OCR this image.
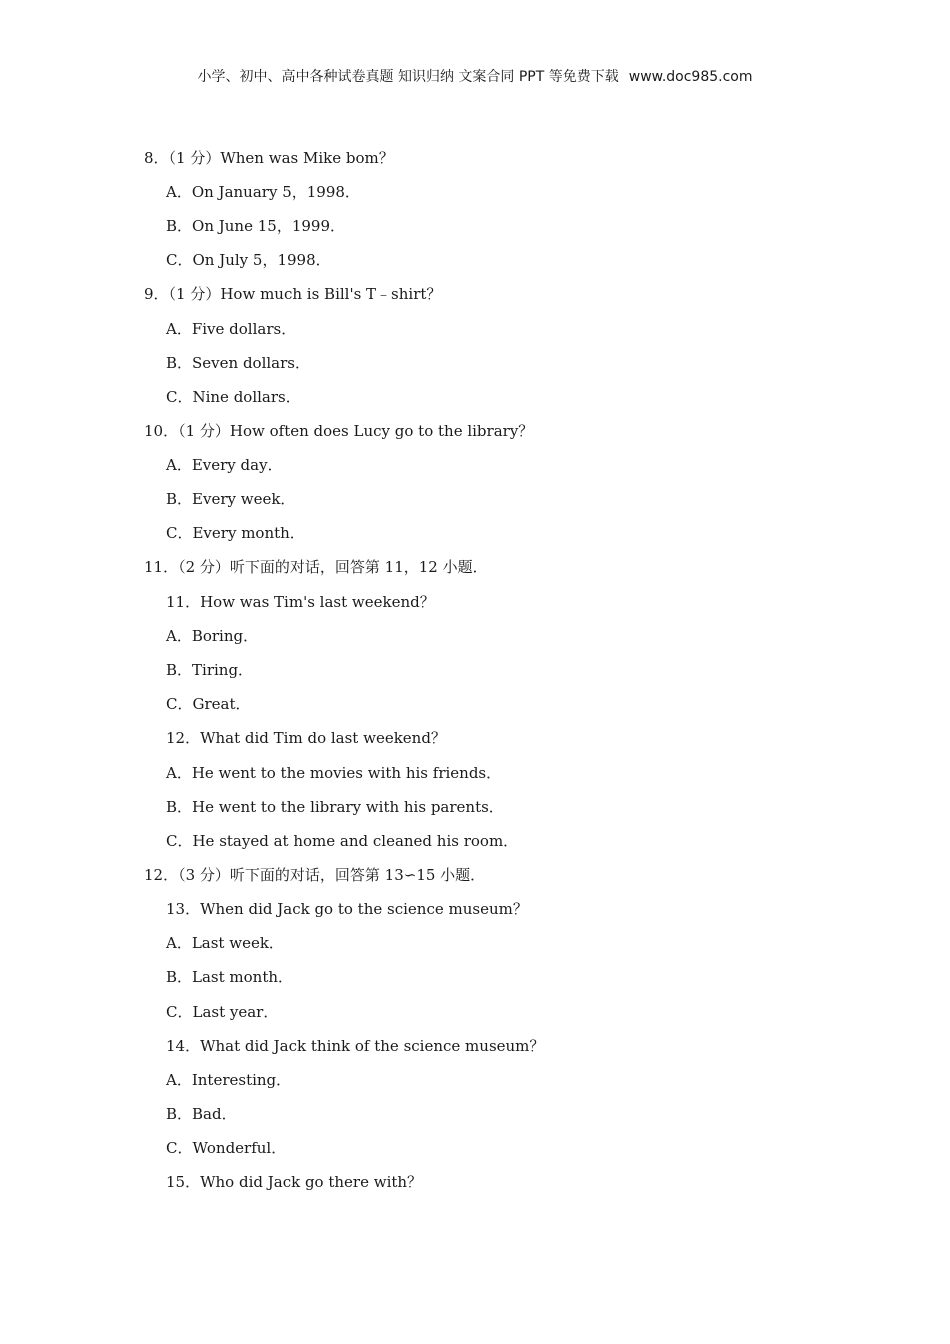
小学、初中、高中各种试卷真题 知识归纳 文案合同 PPT 等免费下载 www.doc985.com
8．（1 分）When was Mike bom？
A．On January 5，1998．
B．On June 15，1999．
C．On July 5，1998．
9．（1 分）How much is Bill's T﹣shirt？
A．Five dollars．
B．Seven dollars．
C．Nine dollars．
10．（1 分）How often does Lucy go to the library？
A．Every day．
B．Every week．
C．Every month．
11．（2 分）听下面的对话，回答第 11，12 小题．
11．How was Tim's last weekend？
A．Boring．
B．Tiring．
C．Great．
12．What did Tim do last weekend？
A．He went to the movies with his friends．
B．He went to the library with his parents．
C．He stayed at home and cleaned his room．
12．（3 分）听下面的对话，回答第 13∽15 小题．
13．When did Jack go to the science museum？
A．Last week．
B．Last month．
C．Last year．
14．What did Jack think of the science museum？
A．Interesting．
B．Bad．
C．Wonderful．
15．Who did Jack go there with？
